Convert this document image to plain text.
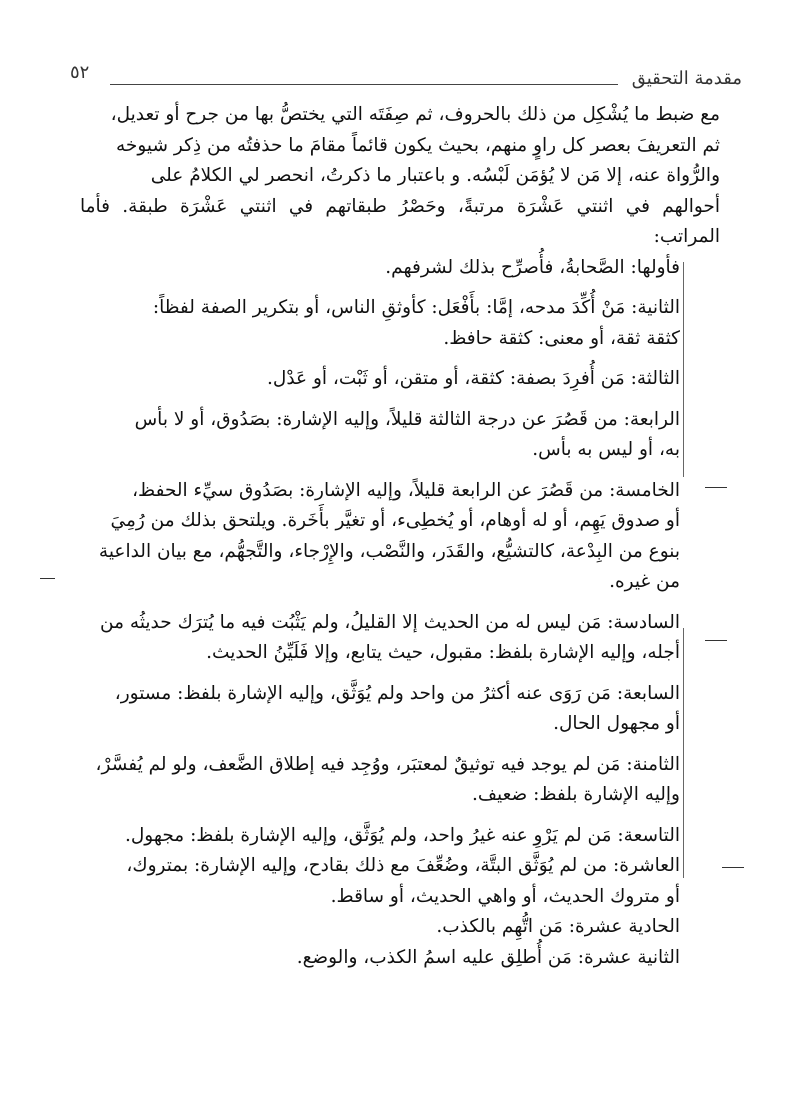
مقدمة التحقيق
٥٢

مع ضبط ما يُشْكِل من ذلك بالحروف، ثم صِفَتَه التي يختصُّ بها من جرح أو تعديل،

ثم التعريفَ بعصر كل راوٍ منهم، بحيث يكون قائماً مقامَ ما حذفتُه من ذِكر شيوخه

والرُّواة عنه، إلا مَن لا يُؤمَن لَبْسُه. و باعتبار ما ذكرتُ، انحصر لي الكلامُ على

أحوالهم في اثنتي عَشْرَة مرتبةً، وحَصْرُ طبقاتهم في اثنتي عَشْرَة طبقة. فأما المراتب:

فأولها: الصَّحابةُ، فأُصرِّح بذلك لشرفهم.

الثانية: مَنْ أُكِّدَ مدحه، إمَّا: بأَفْعَل: كأوثقِ الناس، أو بتكرير الصفة لفظاً:

كثقة ثقة، أو معنى: كثقة حافظ.

الثالثة: مَن أُفرِدَ بصفة: كثقة، أو متقن، أو ثَبْت، أو عَدْل.

الرابعة: من قَصُرَ عن درجة الثالثة قليلاً، وإليه الإشارة: بصَدُوق، أو لا بأس

به، أو ليس به بأس.

الخامسة: من قَصُرَ عن الرابعة قليلاً، وإليه الإشارة: بصَدُوق سيِّء الحفظ،

أو صدوق يَهِم، أو له أوهام، أو يُخطِىء، أو تغيَّر بأَخَرة. ويلتحق بذلك من رُمِيَ

بنوع من البِدْعة، كالتشيُّع، والقَدَر، والنَّصْب، والإِرْجاء، والتَّجهُّم، مع بيان الداعية

من غيره.

السادسة: مَن ليس له من الحديث إلا القليلُ، ولم يَثْبُت فيه ما يُترَك حديثُه من

أجله، وإليه الإشارة بلفظ: مقبول، حيث يتابع، وإلا فَلَيِّنُ الحديث.

السابعة: مَن رَوَى عنه أكثرُ من واحد ولم يُوَثَّق، وإليه الإشارة بلفظ: مستور،

أو مجهول الحال.

الثامنة: مَن لم يوجد فيه توثيقٌ لمعتبَر، ووُجِد فيه إطلاق الضَّعف، ولو لم يُفسَّرْ،

وإليه الإشارة بلفظ: ضعيف.

التاسعة: مَن لم يَرْوِ عنه غيرُ واحد، ولم يُوَثَّق، وإليه الإشارة بلفظ: مجهول.

العاشرة: من لم يُوَثَّق البتَّة، وضُعِّفَ مع ذلك بقادح، وإليه الإشارة: بمتروك،

أو متروك الحديث، أو واهي الحديث، أو ساقط.

الحادية عشرة: مَن اتُّهِم بالكذب.

الثانية عشرة: مَن أُطلِق عليه اسمُ الكذب، والوضع.
